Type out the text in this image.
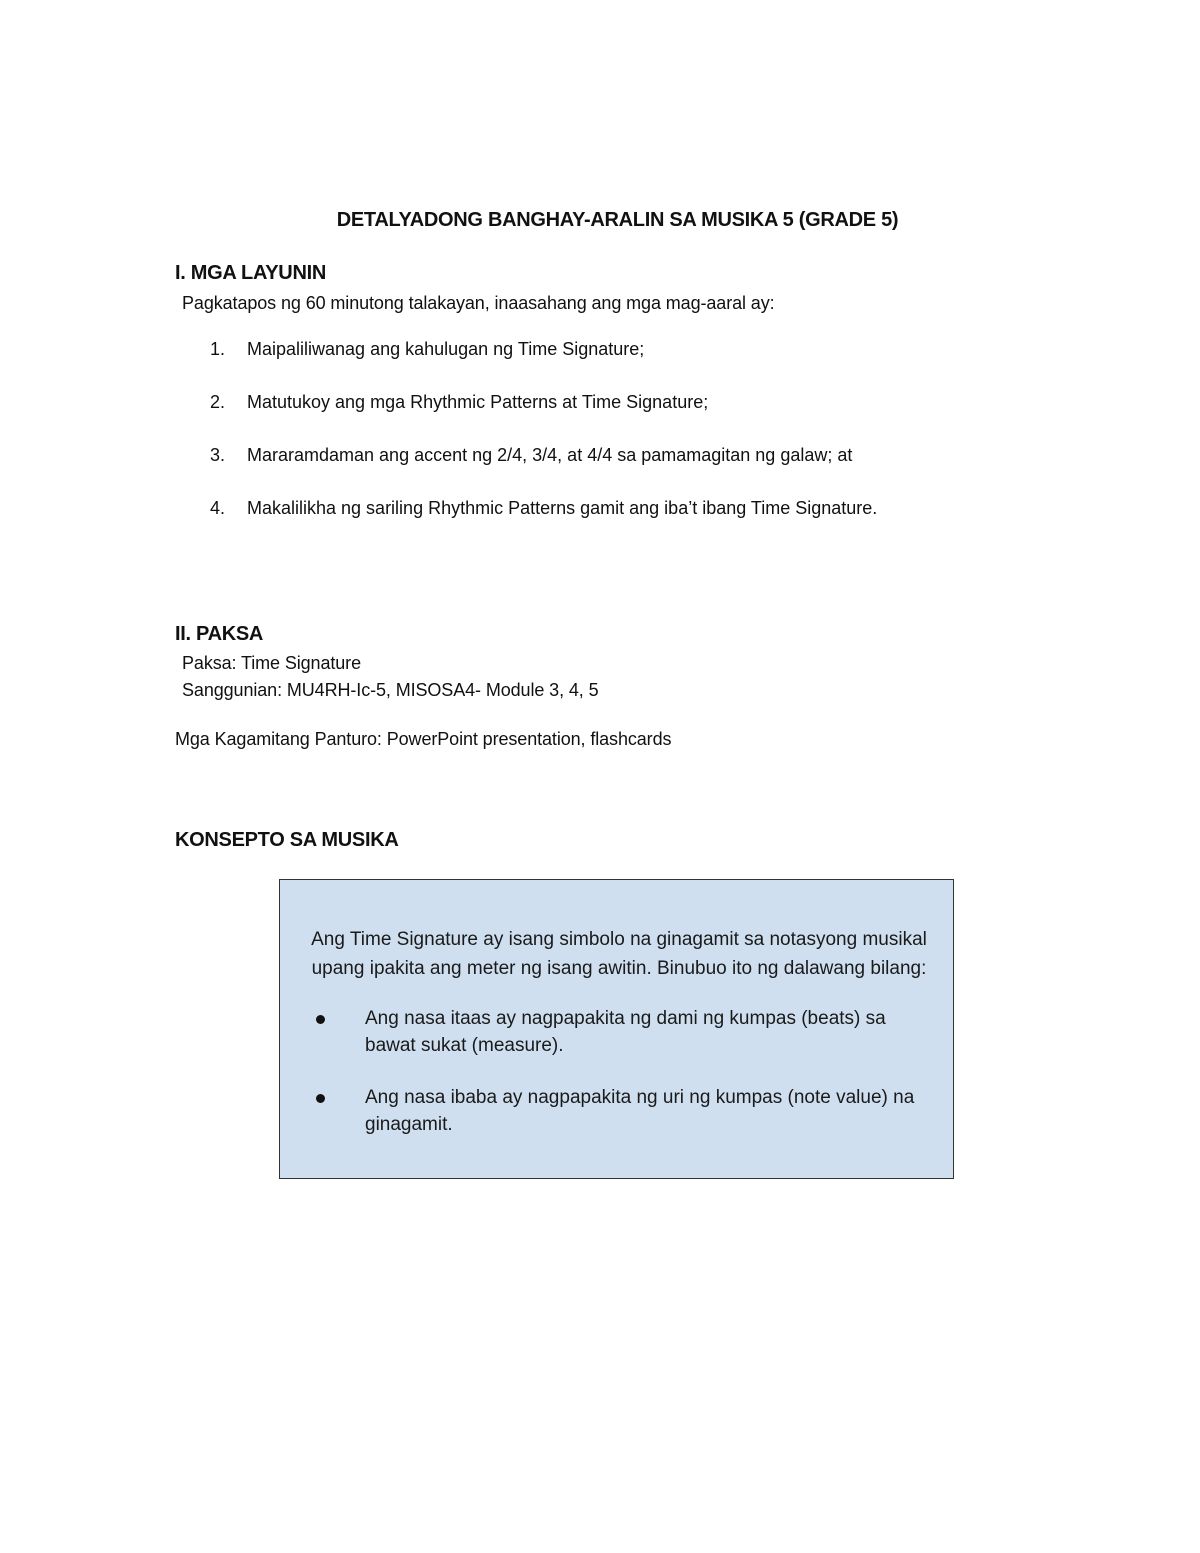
DETALYADONG BANGHAY-ARALIN SA MUSIKA 5 (GRADE 5)
I. MGA LAYUNIN
Pagkatapos ng 60 minutong talakayan, inaasahang ang mga mag-aaral ay:
1.	Maipaliliwanag ang kahulugan ng Time Signature;
2.	Matutukoy ang mga Rhythmic Patterns at Time Signature;
3.	Mararamdaman ang accent ng 2/4, 3/4, at 4/4 sa pamamagitan ng galaw; at
4.	Makalilikha ng sariling Rhythmic Patterns gamit ang iba’t ibang Time Signature.
II. PAKSA
Paksa: Time Signature
Sanggunian: MU4RH-Ic-5, MISOSA4- Module 3, 4, 5
Mga Kagamitang Panturo: PowerPoint presentation, flashcards
KONSEPTO SA MUSIKA
Ang Time Signature ay isang simbolo na ginagamit sa notasyong musikal upang ipakita ang meter ng isang awitin. Binubuo ito ng dalawang bilang:
Ang nasa itaas ay nagpapakita ng dami ng kumpas (beats) sa bawat sukat (measure).
Ang nasa ibaba ay nagpapakita ng uri ng kumpas (note value) na ginagamit.
